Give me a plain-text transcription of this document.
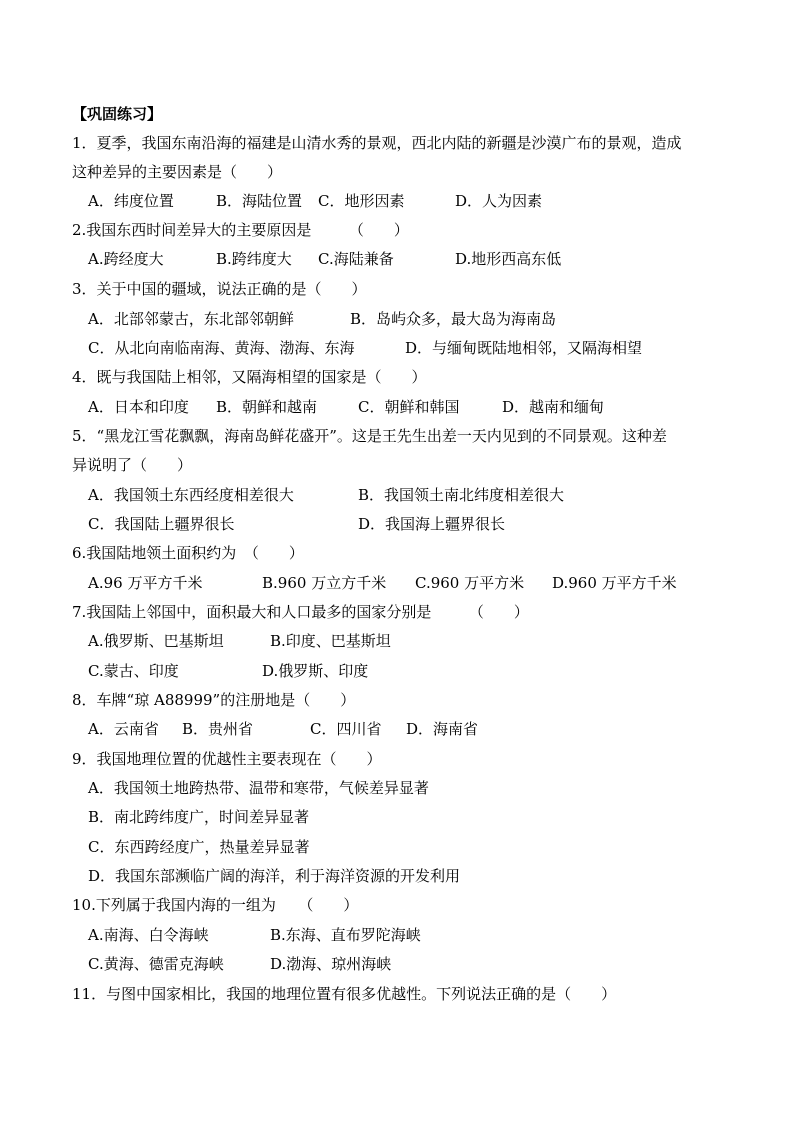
【巩固练习】
1．夏季，我国东南沿海的福建是山清水秀的景观，西北内陆的新疆是沙漠广布的景观，造成
这种差异的主要因素是（　　）
A．纬度位置	B．海陆位置 C．地形因素	D．人为因素
2.我国东西时间差异大的主要原因是　　　（　　）
A.跨经度大	B.跨纬度大 C.海陆兼备	D.地形西高东低
3．关于中国的疆域，说法正确的是（　　）
A．北部邻蒙古，东北部邻朝鲜	B．岛屿众多，最大岛为海南岛
C．从北向南临南海、黄海、渤海、东海	D．与缅甸既陆地相邻，又隔海相望
4．既与我国陆上相邻，又隔海相望的国家是（　　）
A．日本和印度 B．朝鲜和越南	C．朝鲜和韩国	D．越南和缅甸
5．“黑龙江雪花飘飘，海南岛鲜花盛开”。这是王先生出差一天内见到的不同景观。这种差
异说明了（　　）
A．我国领土东西经度相差很大	B．我国领土南北纬度相差很大
C．我国陆上疆界很长	D．我国海上疆界很长
6.我国陆地领土面积约为　（　　）
A.96 万平方千米	B.960 万立方千米 C.960 万平方米 D.960 万平方千米
7.我国陆上邻国中，面积最大和人口最多的国家分别是　　　（　　）
A.俄罗斯、巴基斯坦	B.印度、巴基斯坦
C.蒙古、印度	D.俄罗斯、印度
8．车牌“琼 A88999”的注册地是（　　）
A．云南省 B．贵州省	C．四川省 D．海南省
9．我国地理位置的优越性主要表现在（　　）
A．我国领土地跨热带、温带和寒带，气候差异显著
B．南北跨纬度广，时间差异显著
C．东西跨经度广，热量差异显著
D．我国东部濒临广阔的海洋，利于海洋资源的开发利用
10.下列属于我国内海的一组为　　（　　）
A.南海、白令海峡	B.东海、直布罗陀海峡
C.黄海、德雷克海峡	D.渤海、琼州海峡
11．与图中国家相比，我国的地理位置有很多优越性。下列说法正确的是（　　）
